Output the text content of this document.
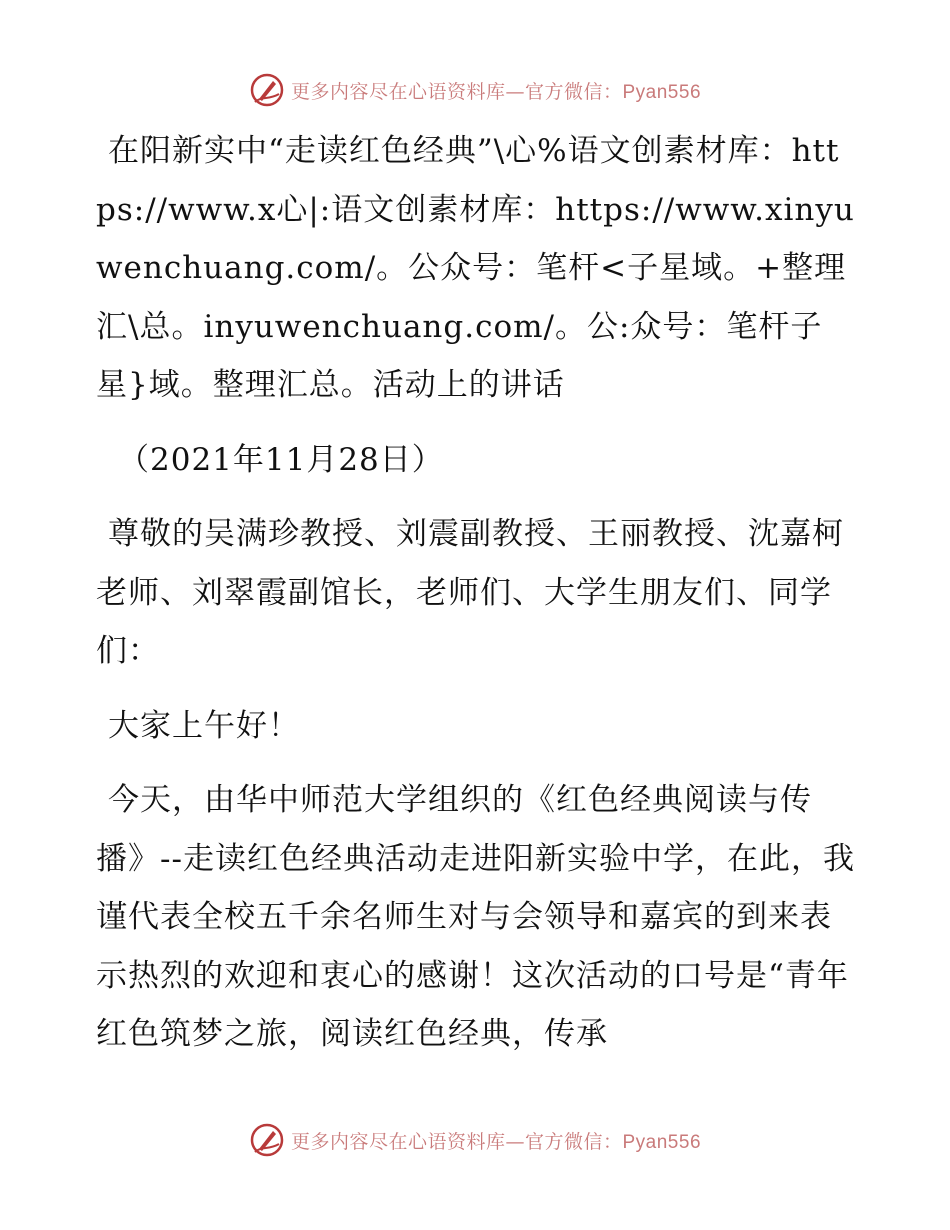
更多内容尽在心语资料库—官方微信：Pyan556

在阳新实中“走读红色经典”\心%语文创素材库：https://www.x心|:语文创素材库：https://www.xinyuwenchuang.com/。公众号：笔杆<子星域。+整理汇\总。inyuwenchuang.com/。公:众号：笔杆子星}域。整理汇总。活动上的讲话

（2021年11月28日）

尊敬的吴满珍教授、刘震副教授、王丽教授、沈嘉柯老师、刘翠霞副馆长，老师们、大学生朋友们、同学们：

大家上午好！

今天，由华中师范大学组织的《红色经典阅读与传播》--走读红色经典活动走进阳新实验中学，在此，我谨代表全校五千余名师生对与会领导和嘉宾的到来表示热烈的欢迎和衷心的感谢！这次活动的口号是“青年红色筑梦之旅，阅读红色经典，传承

更多内容尽在心语资料库—官方微信：Pyan556
